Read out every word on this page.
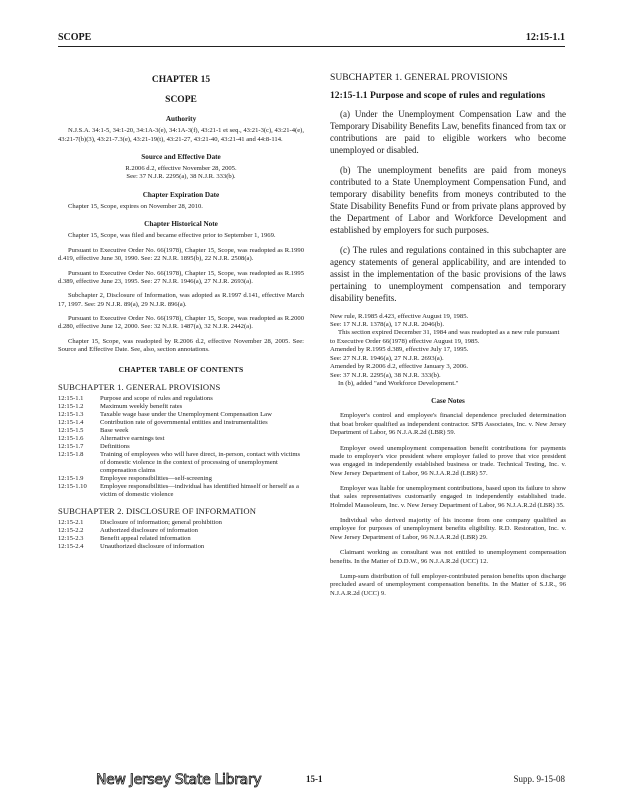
SCOPE	12:15-1.1
CHAPTER 15
SCOPE
Authority

N.J.S.A. 34:1-5, 34:1-20, 34:1A-3(e), 34:1A-3(f), 43:21-1 et seq., 43:21-3(c), 43:21-4(e), 43:21-7(b)(3), 43:21-7.3(e), 43:21-19(t), 43:21-27, 43:21-40, 43:21-41 and 44:8-114.

Source and Effective Date

R.2006 d.2, effective November 28, 2005.

See: 37 N.J.R. 2295(a), 38 N.J.R. 333(b).

Chapter Expiration Date

Chapter 15, Scope, expires on November 28, 2010.

Chapter Historical Note

Chapter 15, Scope, was filed and became effective prior to September 1, 1969.

Pursuant to Executive Order No. 66(1978), Chapter 15, Scope, was readopted as R.1990 d.419, effective June 30, 1990. See: 22 N.J.R. 1895(b), 22 N.J.R. 2508(a).

Pursuant to Executive Order No. 66(1978), Chapter 15, Scope, was readopted as R.1995 d.389, effective June 23, 1995. See: 27 N.J.R. 1946(a), 27 N.J.R. 2693(a).

Subchapter 2, Disclosure of Information, was adopted as R.1997 d.141, effective March 17, 1997. See: 29 N.J.R. 89(a), 29 N.J.R. 896(a).

Pursuant to Executive Order No. 66(1978), Chapter 15, Scope, was readopted as R.2000 d.280, effective June 12, 2000. See: 32 N.J.R. 1487(a), 32 N.J.R. 2442(a).

Chapter 15, Scope, was readopted by R.2006 d.2, effective November 28, 2005. See: Source and Effective Date. See, also, section annotations.

CHAPTER TABLE OF CONTENTS
SUBCHAPTER 1. GENERAL PROVISIONS
12:15-1.1	Purpose and scope of rules and regulations
12:15-1.2	Maximum weekly benefit rates
12:15-1.3	Taxable wage base under the Unemployment Compensation Law
12:15-1.4	Contribution rate of governmental entities and instrumentalities
12:15-1.5	Base week
12:15-1.6	Alternative earnings test
12:15-1.7	Definitions
12:15-1.8	Training of employees who will have direct, in-person, contact with victims of domestic violence in the context of processing of unemployment compensation claims
12:15-1.9	Employee responsibilities—self-screening
12:15-1.10	Employee responsibilities—individual has identified himself or herself as a victim of domestic violence
SUBCHAPTER 2. DISCLOSURE OF INFORMATION
12:15-2.1	Disclosure of information; general prohibition
12:15-2.2	Authorized disclosure of information
12:15-2.3	Benefit appeal related information
12:15-2.4	Unauthorized disclosure of information
SUBCHAPTER 1. GENERAL PROVISIONS
12:15-1.1 Purpose and scope of rules and regulations

(a) Under the Unemployment Compensation Law and the Temporary Disability Benefits Law, benefits financed from tax or contributions are paid to eligible workers who become unemployed or disabled.

(b) The unemployment benefits are paid from moneys contributed to a State Unemployment Compensation Fund, and temporary disability benefits from moneys contributed to the State Disability Benefits Fund or from private plans approved by the Department of Labor and Workforce Development and established by employers for such purposes.

(c) The rules and regulations contained in this subchapter are agency statements of general applicability, and are intended to assist in the implementation of the basic provisions of the laws pertaining to unemployment compensation and temporary disability benefits.

New rule, R.1985 d.423, effective August 19, 1985.

See: 17 N.J.R. 1378(a), 17 N.J.R. 2046(b).

This section expired December 31, 1984 and was readopted as a new rule pursuant to Executive Order 66(1978) effective August 19, 1985.

Amended by R.1995 d.389, effective July 17, 1995.

See: 27 N.J.R. 1946(a), 27 N.J.R. 2693(a).

Amended by R.2006 d.2, effective January 3, 2006.

See: 37 N.J.R. 2295(a), 38 N.J.R. 333(b).

In (b), added "and Workforce Development."

Case Notes

Employer's control and employee's financial dependence precluded determination that boat broker qualified as independent contractor. SFB Associates, Inc. v. New Jersey Department of Labor, 96 N.J.A.R.2d (LBR) 59.

Employer owed unemployment compensation benefit contributions for payments made to employer's vice president where employer failed to prove that vice president was engaged in independently established business or trade. Technical Testing, Inc. v. New Jersey Department of Labor, 96 N.J.A.R.2d (LBR) 57.

Employer was liable for unemployment contributions, based upon its failure to show that sales representatives customarily engaged in independently established trade. Holmdel Mausoleum, Inc. v. New Jersey Department of Labor, 96 N.J.A.R.2d (LBR) 35.

Individual who derived majority of his income from one company qualified as employee for purposes of unemployment benefits eligibility. R.D. Restoration, Inc. v. New Jersey Department of Labor, 96 N.J.A.R.2d (LBR) 29.

Claimant working as consultant was not entitled to unemployment compensation benefits. In the Matter of D.D.W., 96 N.J.A.R.2d (UCC) 12.

Lump-sum distribution of full employer-contributed pension benefits upon discharge precluded award of unemployment compensation benefits. In the Matter of S.J.R., 96 N.J.A.R.2d (UCC) 9.

New Jersey State Library	15-1	Supp. 9-15-08
